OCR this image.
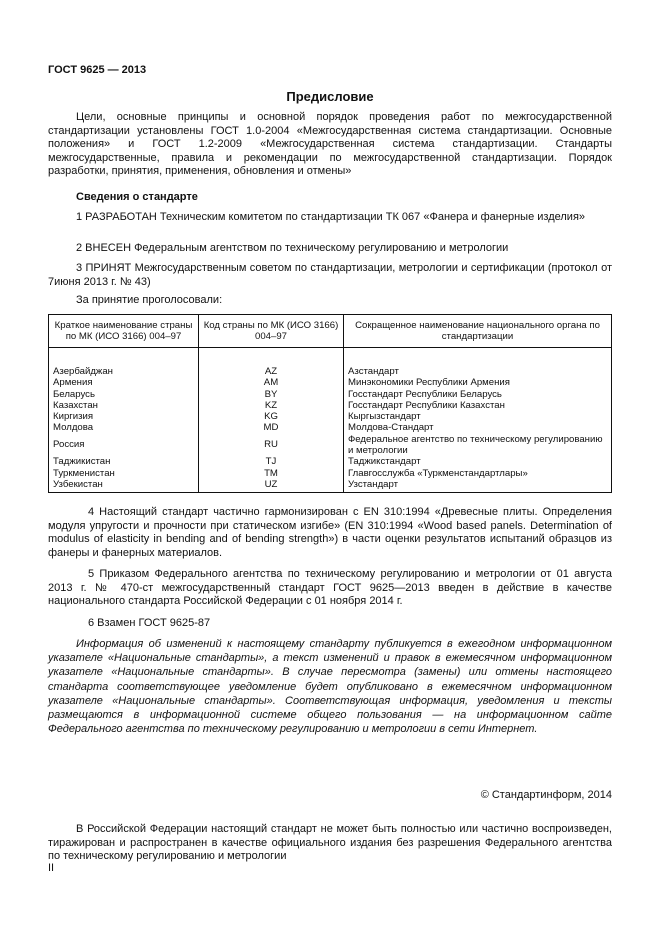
ГОСТ 9625 — 2013
Предисловие
Цели, основные принципы и основной порядок проведения работ по межгосударственной стандартизации установлены ГОСТ 1.0-2004 «Межгосударственная система стандартизации. Основные положения» и ГОСТ 1.2-2009 «Межгосударственная система стандартизации. Стандарты межгосударственные, правила и рекомендации по межгосударственной стандартизации. Порядок разработки, принятия, применения, обновления и отмены»
Сведения о стандарте
1 РАЗРАБОТАН Техническим комитетом по стандартизации ТК 067 «Фанера и фанерные изделия»
2 ВНЕСЕН Федеральным агентством по техническому регулированию и метрологии
3 ПРИНЯТ Межгосударственным советом по стандартизации, метрологии и сертификации (протокол от 7июня 2013 г. № 43)
За принятие проголосовали:
Краткое наименование страны по МК (ИСО 3166) 004–97	Код страны по МК (ИСО 3166) 004–97	Сокращенное наименование национального органа по стандартизации
Азербайджан	AZ	Азстандарт
Армения	AM	Минэкономики Республики Армения
Беларусь	BY	Госстандарт Республики Беларусь
Казахстан	KZ	Госстандарт Республики Казахстан
Киргизия	KG	Кыргызстандарт
Молдова	MD	Молдова-Стандарт
Россия	RU	Федеральное агентство по техническому регулированию и метрологии
Таджикистан	TJ	Таджикстандарт
Туркменистан	TM	Главгосслужба «Туркменстандартлары»
Узбекистан	UZ	Узстандарт
4 Настоящий стандарт частично гармонизирован с EN 310:1994 «Древесные плиты. Определения модуля упругости и прочности при статическом изгибе» (EN 310:1994 «Wood based panels. Determination of modulus of elasticity in bending and of bending strength») в части оценки результатов испытаний образцов из фанеры и фанерных материалов.
5 Приказом Федерального агентства по техническому регулированию и метрологии от 01 августа 2013 г. № 470-ст межгосударственный стандарт ГОСТ 9625—2013 введен в действие в качестве национального стандарта Российской Федерации с 01 ноября 2014 г.
6 Взамен ГОСТ 9625-87
Информация об изменений к настоящему стандарту публикуется в ежегодном информационном указателе «Национальные стандарты», а текст изменений и правок в ежемесячном информационном указателе «Национальные стандарты». В случае пересмотра (замены) или отмены настоящего стандарта соответствующее уведомление будет опубликовано в ежемесячном информационном указателе «Национальные стандарты». Соответствующая информация, уведомления и тексты размещаются в информационной системе общего пользования — на информационном сайте Федерального агентства по техническому регулированию и метрологии в сети Интернет.
© Стандартинформ, 2014
В Российской Федерации настоящий стандарт не может быть полностью или частично воспроизведен, тиражирован и распространен в качестве официального издания без разрешения Федерального агентства по техническому регулированию и метрологии
II
